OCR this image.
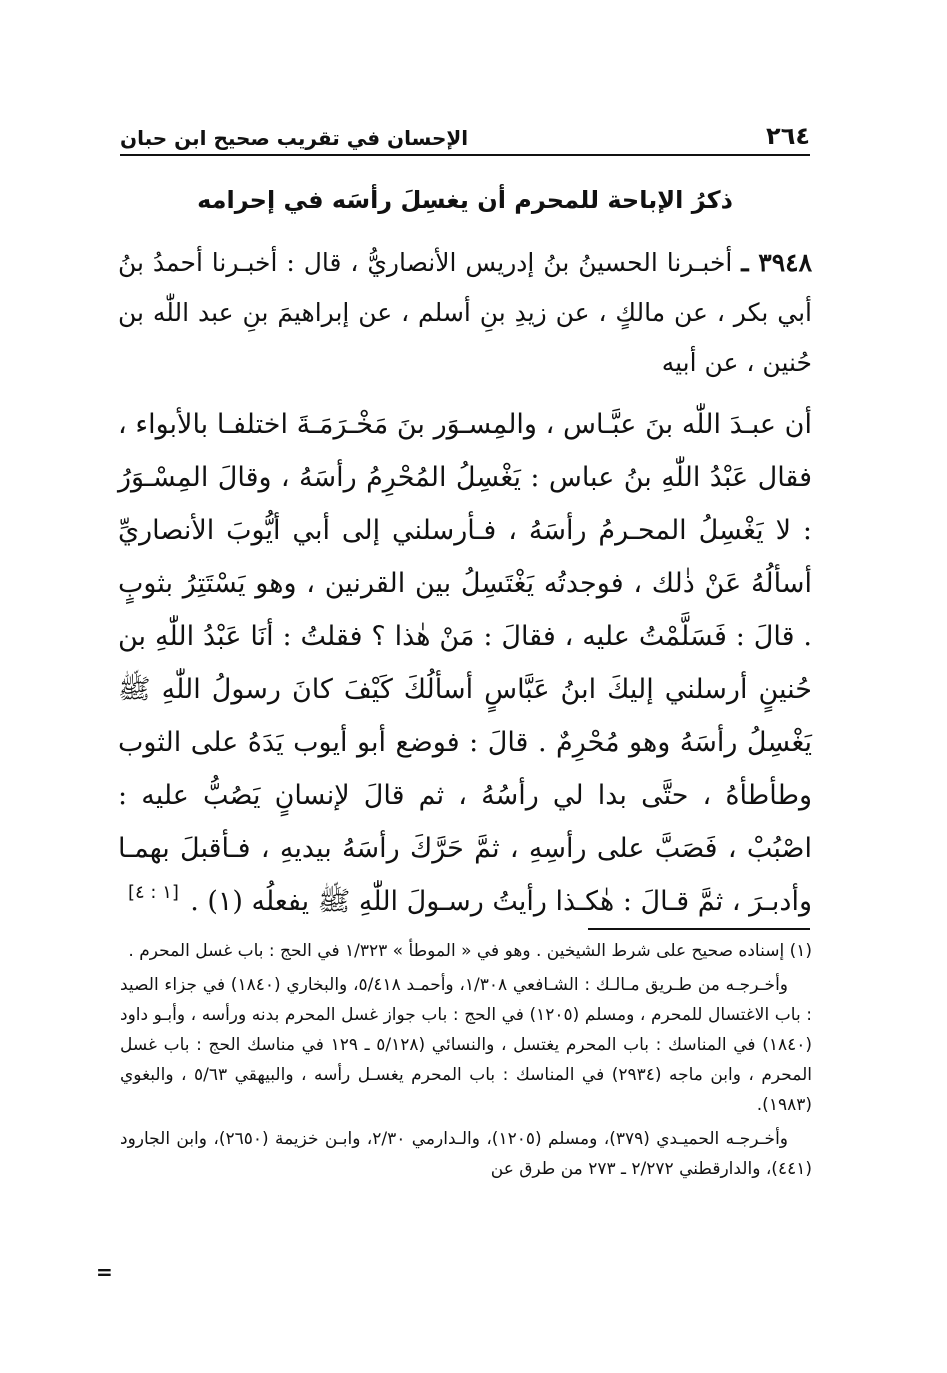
٢٦٤
الإحسان في تقريب صحيح ابن حبان
ذكرُ الإباحة للمحرم أن يغسِلَ رأسَه في إحرامه

٣٩٤٨ ـ أخبـرنا الحسينُ بنُ إدريس الأنصاريُّ ، قال : أخبـرنا أحمدُ بنُ أبي بكر ، عن مالكٍ ، عن زيدِ بنِ أسلم ، عن إبراهيمَ بنِ عبد اللّٰه بن حُنين ، عن أبيه

أن عبـدَ اللّٰه بنَ عبَّـاس ، والمِسـوَر بنَ مَخْـرَمَـةَ اختلفـا بالأبواء ، فقال عَبْدُ اللّٰهِ بنُ عباس : يَغْسِلُ المُحْرِمُ رأسَهُ ، وقالَ المِسْـوَرُ : لا يَغْسِلُ المحـرمُ رأسَهُ ، فـأرسلني إلى أبي أيُّوبَ الأنصاريِّ أسألُهُ عَنْ ذٰلك ، فوجدتُه يَغْتَسِلُ بين القرنين ، وهو يَسْتَتِرُ بثوبٍ . قالَ : فَسَلَّمْتُ عليه ، فقالَ : مَنْ هٰذا ؟ فقلتُ : أنَا عَبْدُ اللّٰهِ بن حُنينٍ أرسلني إليكَ ابنُ عَبَّاسٍ أسألُكَ كَيْفَ كانَ رسولُ اللّٰهِ ﷺ يَغْسِلُ رأسَهُ وهو مُحْرِمٌ . قالَ : فوضع أبو أيوب يَدَهُ على الثوب وطأطأهُ ، حتَّى بدا لي رأسُهُ ، ثم قالَ لإنسانٍ يَصُبُّ عليه : اصْبُبْ ، فَصَبَّ على رأسِهِ ، ثمَّ حَرَّكَ رأسَهُ بيديهِ ، فـأقبلَ بهمـا وأدبـرَ ، ثمَّ قـالَ : هٰكـذا رأيتُ رسـولَ اللّٰهِ ﷺ يفعلُه (١) .

[١ : ٤]

(١) إسناده صحيح على شرط الشيخين . وهو في « الموطأ » ١/٣٢٣ في الحج : باب غسل المحرم .

وأخـرجـه من طـريق مـالـك : الشـافعي ١/٣٠٨، وأحمـد ٥/٤١٨، والبخاري (١٨٤٠) في جزاء الصيد : باب الاغتسال للمحرم ، ومسلم (١٢٠٥) في الحج : باب جواز غسل المحرم بدنه ورأسه ، وأبـو داود (١٨٤٠) في المناسك : باب المحرم يغتسل ، والنسائي (٥/١٢٨ ـ ١٢٩ في مناسك الحج : باب غسل المحرم ، وابن ماجه (٢٩٣٤) في المناسك : باب المحرم يغسـل رأسه ، والبيهقي ٥/٦٣ ، والبغوي (١٩٨٣).

وأخـرجـه الحميـدي (٣٧٩)، ومسلم (١٢٠٥)، والـدارمي ٢/٣٠، وابـن خزيمة (٢٦٥٠)، وابن الجارود (٤٤١)، والدارقطني ٢/٢٧٢ ـ ٢٧٣ من طرق عن

=
